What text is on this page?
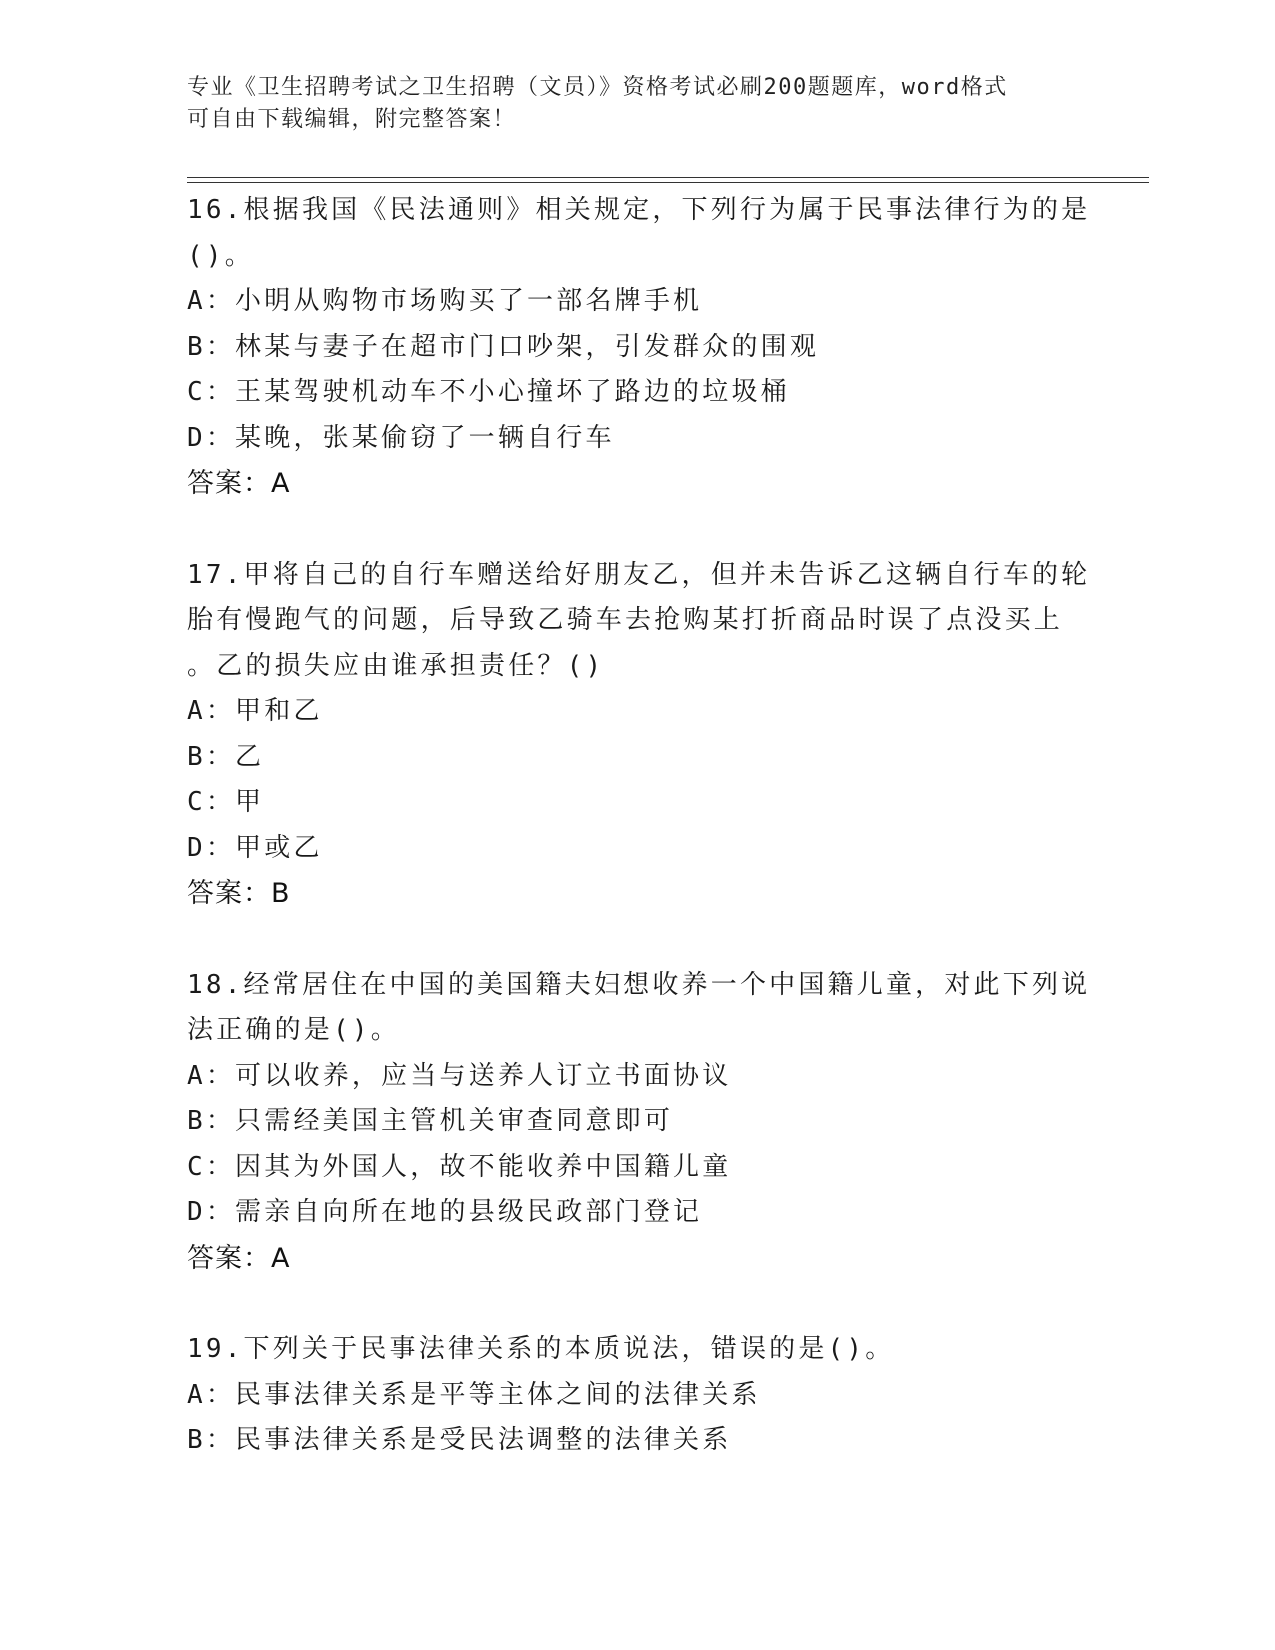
专业《卫生招聘考试之卫生招聘（文员）》资格考试必刷200题题库，word格式
可自由下载编辑，附完整答案！
16.根据我国《民法通则》相关规定，下列行为属于民事法律行为的是
()。
A：小明从购物市场购买了一部名牌手机
B：林某与妻子在超市门口吵架，引发群众的围观
C：王某驾驶机动车不小心撞坏了路边的垃圾桶
D：某晚，张某偷窃了一辆自行车
答案：A
17.甲将自己的自行车赠送给好朋友乙，但并未告诉乙这辆自行车的轮
胎有慢跑气的问题，后导致乙骑车去抢购某打折商品时误了点没买上
。乙的损失应由谁承担责任？()
A：甲和乙
B：乙
C：甲
D：甲或乙
答案：B
18.经常居住在中国的美国籍夫妇想收养一个中国籍儿童，对此下列说
法正确的是()。
A：可以收养，应当与送养人订立书面协议
B：只需经美国主管机关审查同意即可
C：因其为外国人，故不能收养中国籍儿童
D：需亲自向所在地的县级民政部门登记
答案：A
19.下列关于民事法律关系的本质说法，错误的是()。
A：民事法律关系是平等主体之间的法律关系
B：民事法律关系是受民法调整的法律关系
